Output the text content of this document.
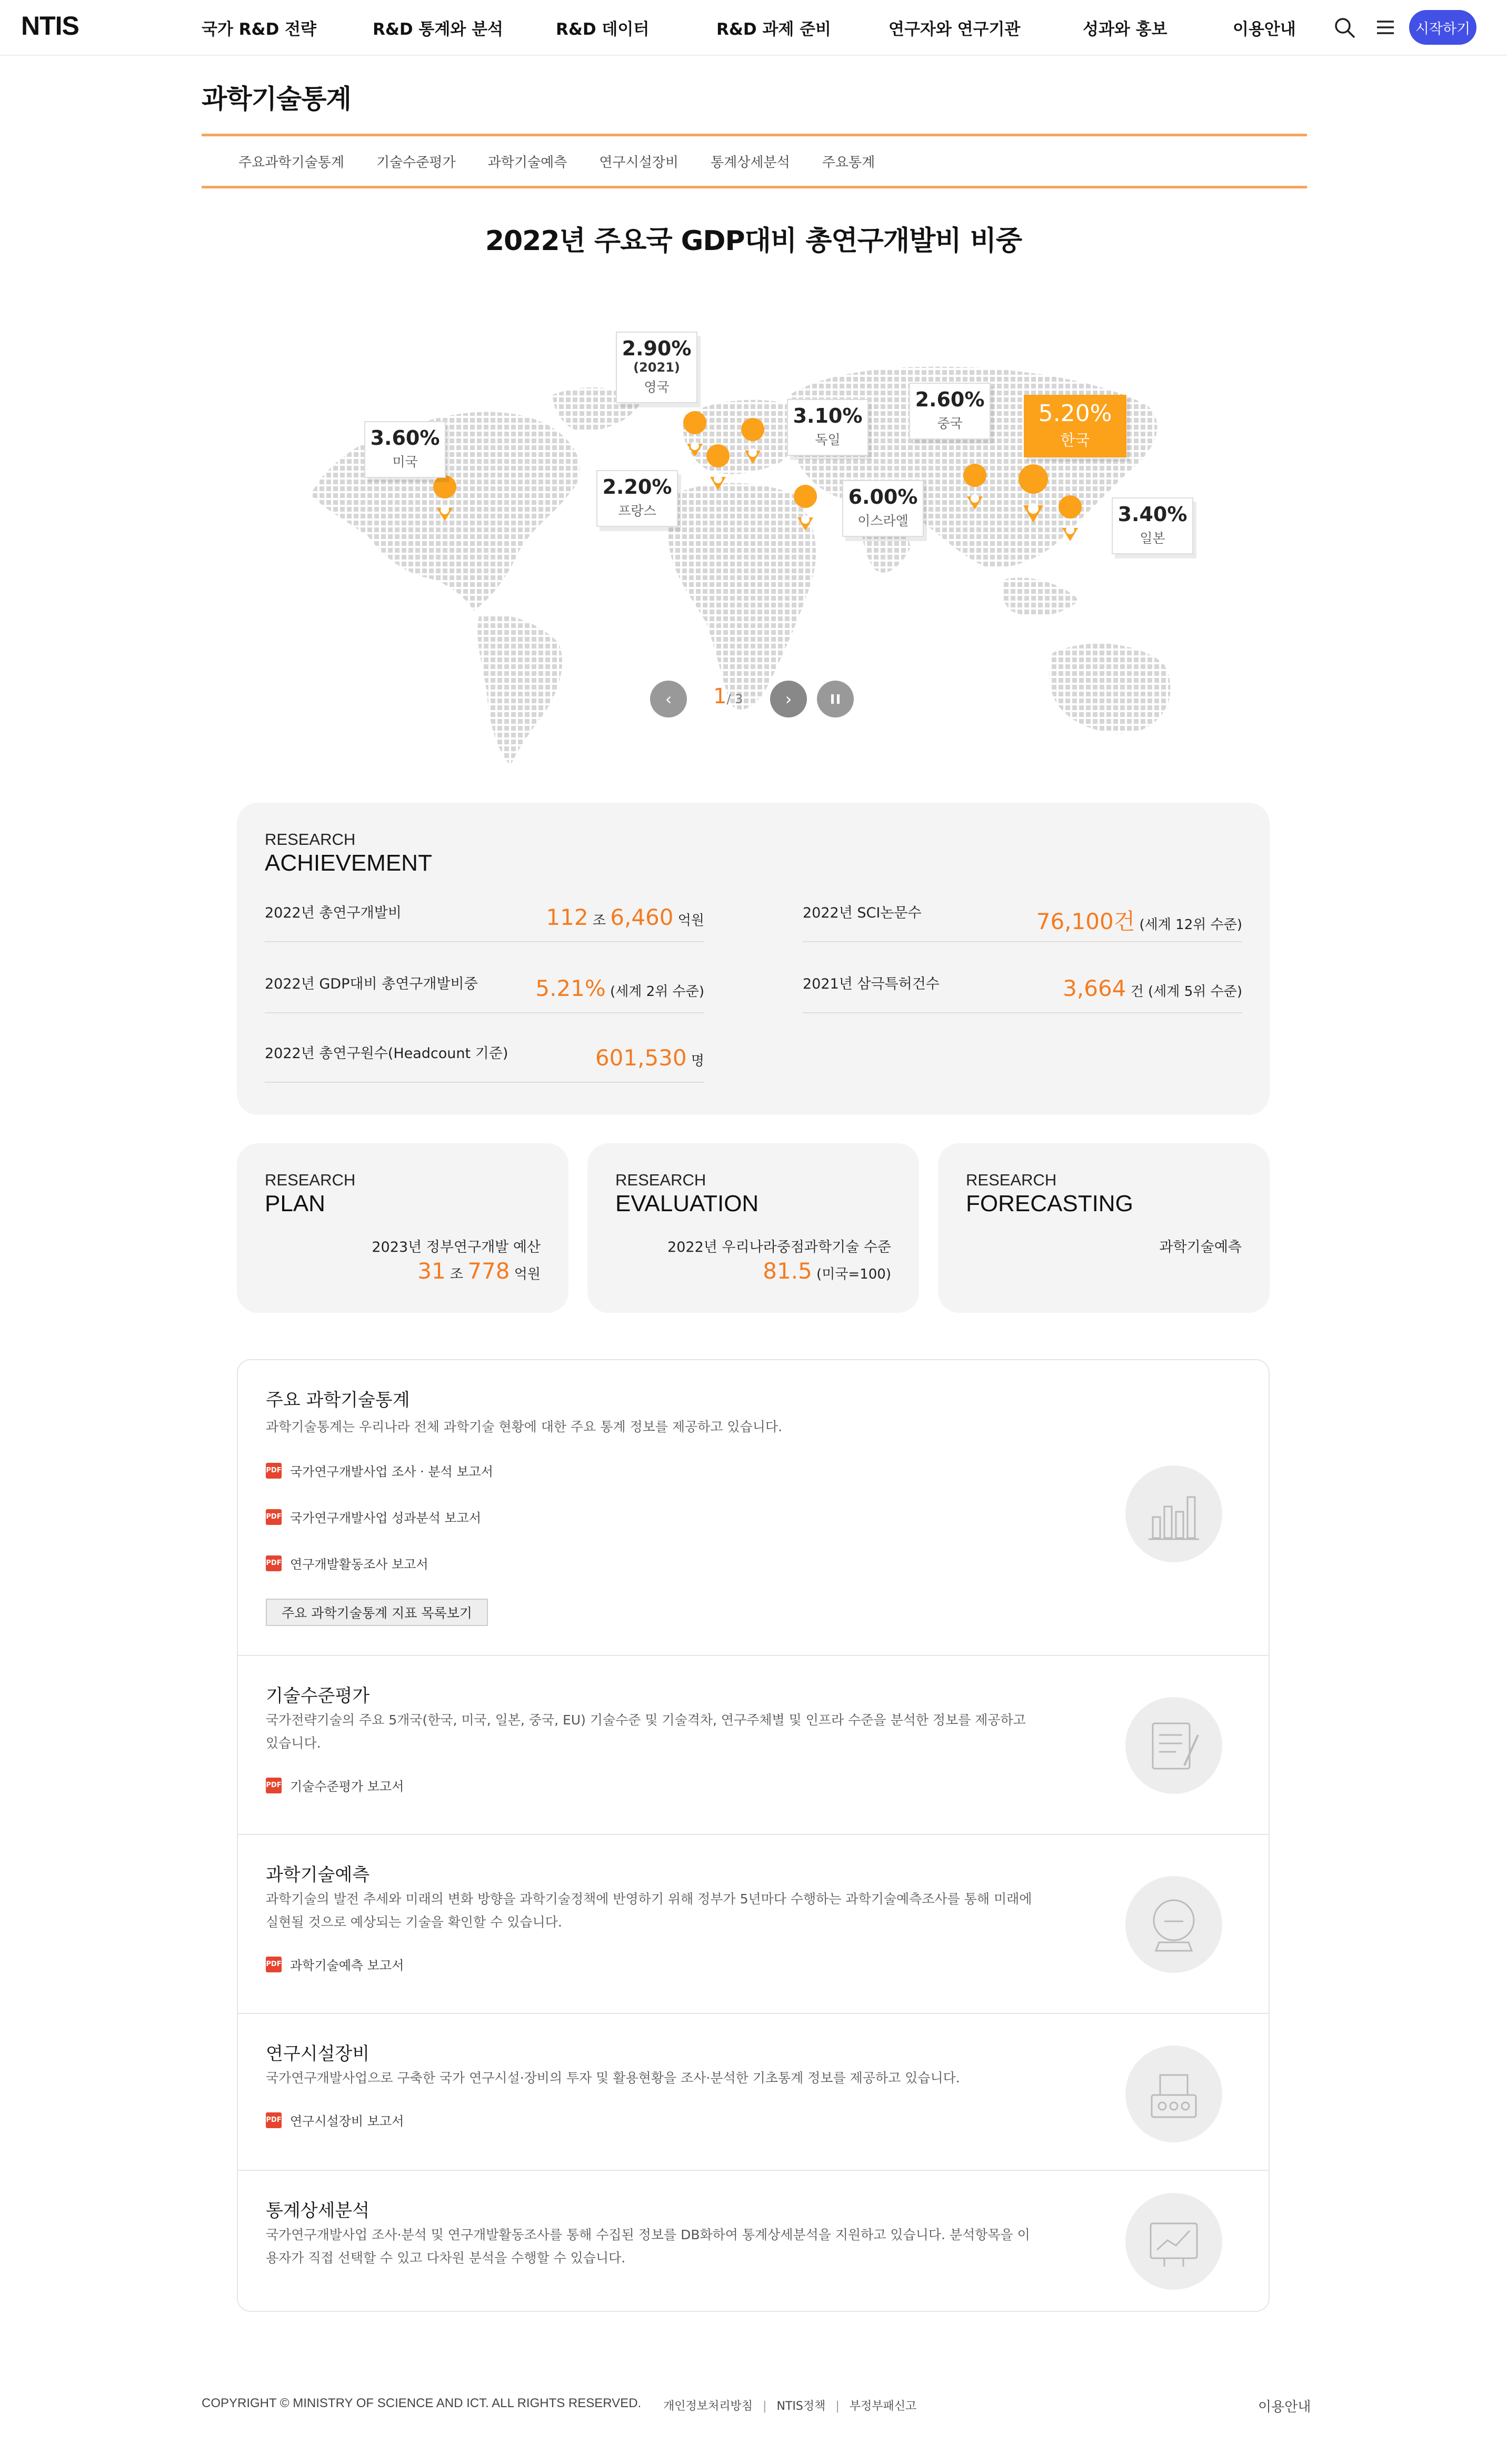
NTIS	국가 R&D 전략	R&D 통계와 분석	R&D 데이터	R&D 과제 준비	연구자와 연구기관	성과와 홍보	이용안내	시작하기
과학기술통계
주요과학기술통계 기술수준평가 과학기술예측 연구시설장비 통계상세분석 주요통계
2022년 주요국 GDP대비 총연구개발비 비중
3.60%
미국
2.90%
(2021)
영국
2.20%
프랑스
3.10%
독일
6.00%
이스라엘
2.60%
중국	5.20%
한국
3.40%
일본
‹	1/ 3	›
RESEARCH
ACHIEVEMENT
2022년 총연구개발비	112 조 6,460 억원	2022년 SCI논문수	76,100건 (세계 12위 수준)
2022년 GDP대비 총연구개발비중	5.21% (세계 2위 수준)	2021년 삼극특허건수	3,664 건 (세계 5위 수준)
2022년 총연구원수(Headcount 기준)	601,530 명
RESEARCH
PLAN
2023년 정부연구개발 예산
31 조 778 억원
RESEARCH
EVALUATION
2022년 우리나라중점과학기술 수준
81.5 (미국=100)
RESEARCH
FORECASTING
과학기술예측
주요 과학기술통계
과학기술통계는 우리나라 전체 과학기술 현황에 대한 주요 통계 정보를 제공하고 있습니다.
PDF 국가연구개발사업 조사 · 분석 보고서
PDF 국가연구개발사업 성과분석 보고서
PDF 연구개발활동조사 보고서
주요 과학기술통계 지표 목록보기
기술수준평가
국가전략기술의 주요 5개국(한국, 미국, 일본, 중국, EU) 기술수준 및 기술격차, 연구주체별 및 인프라 수준을 분석한 정보를 제공하고 있습니다.
PDF 기술수준평가 보고서
과학기술예측
과학기술의 발전 추세와 미래의 변화 방향을 과학기술정책에 반영하기 위해 정부가 5년마다 수행하는 과학기술예측조사를 통해 미래에 실현될 것으로 예상되는 기술을 확인할 수 있습니다.
PDF 과학기술예측 보고서
연구시설장비
국가연구개발사업으로 구축한 국가 연구시설·장비의 투자 및 활용현황을 조사·분석한 기초통계 정보를 제공하고 있습니다.
PDF 연구시설장비 보고서
통계상세분석
국가연구개발사업 조사·분석 및 연구개발활동조사를 통해 수집된 정보를 DB화하여 통계상세분석을 지원하고 있습니다. 분석항목을 이용자가 직접 선택할 수 있고 다차원 분석을 수행할 수 있습니다.
COPYRIGHT © MINISTRY OF SCIENCE AND ICT. ALL RIGHTS RESERVED. 개인정보처리방침 | NTIS정책 | 부정부패신고	이용안내
